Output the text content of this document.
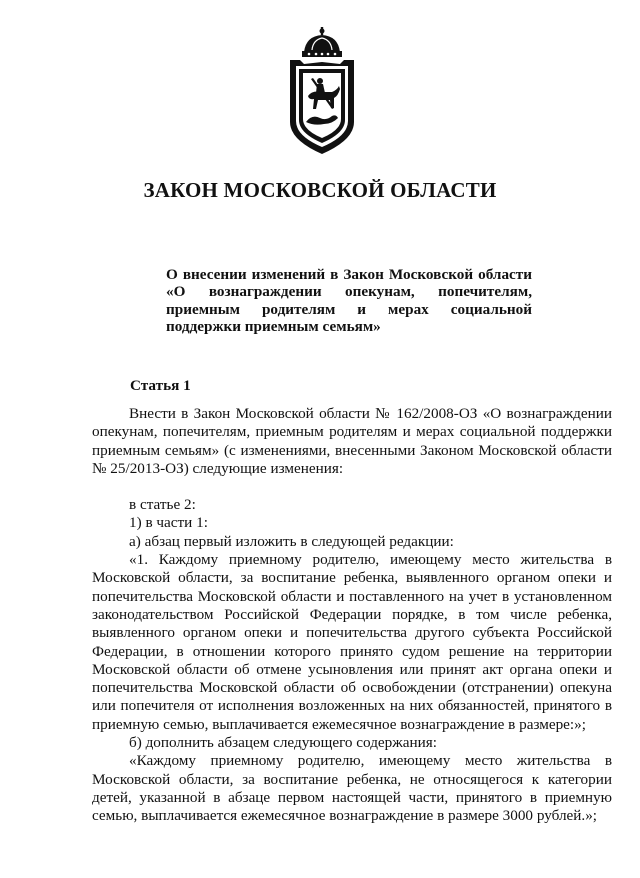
ЗАКОН МОСКОВСКОЙ ОБЛАСТИ
О внесении изменений в Закон Московской области «О вознаграждении опекунам, попечителям, приемным родителям и мерах социальной поддержки приемным семьям»
Статья 1

Внести в Закон Московской области № 162/2008-ОЗ «О вознаграждении опекунам, попечителям, приемным родителям и мерах социальной поддержки приемным семьям» (с изменениями, внесенными Законом Московской области № 25/2013-ОЗ) следующие изменения:

в статье 2:

1) в части 1:

а) абзац первый изложить в следующей редакции:

«1. Каждому приемному родителю, имеющему место жительства в Московской области, за воспитание ребенка, выявленного органом опеки и попечительства Московской области и поставленного на учет в установленном законодательством Российской Федерации порядке, в том числе ребенка, выявленного органом опеки и попечительства другого субъекта Российской Федерации, в отношении которого принято судом решение на территории Московской области об отмене усыновления или принят акт органа опеки и попечительства Московской области об освобождении (отстранении) опекуна или попечителя от исполнения возложенных на них обязанностей, принятого в приемную семью, выплачивается ежемесячное вознаграждение в размере:»;

б) дополнить абзацем следующего содержания:

«Каждому приемному родителю, имеющему место жительства в Московской области, за воспитание ребенка, не относящегося к категории детей, указанной в абзаце первом настоящей части, принятого в приемную семью, выплачивается ежемесячное вознаграждение в размере 3000 рублей.»;
